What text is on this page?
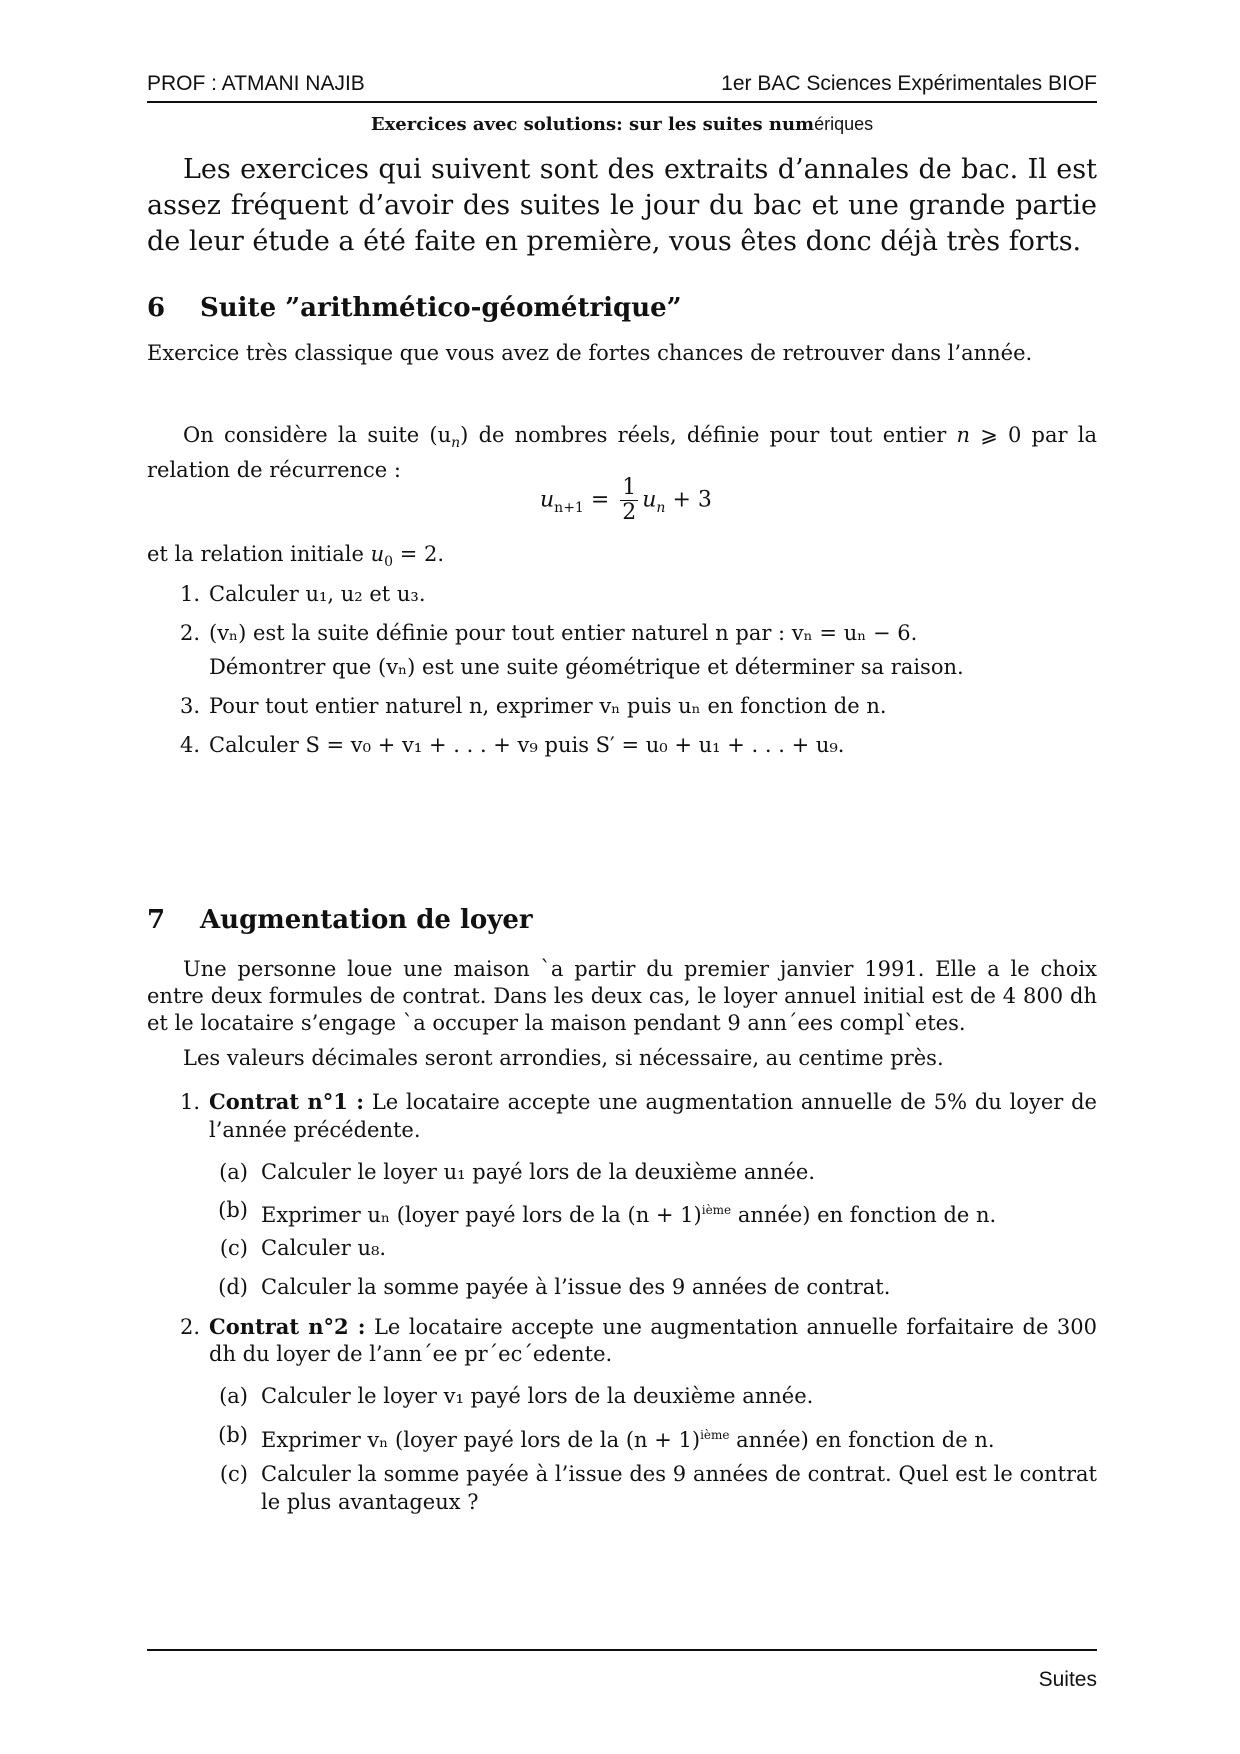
PROF : ATMANI NAJIB	1er BAC Sciences Expérimentales BIOF
Exercices avec solutions: sur les suites numériques

Les exercices qui suivent sont des extraits d’annales de bac. Il est assez fréquent d’avoir des suites le jour du bac et une grande partie de leur étude a été faite en première, vous êtes donc déjà très forts.

6 Suite ”arithmético-géométrique”

Exercice très classique que vous avez de fortes chances de retrouver dans l’année.

On considère la suite $(u_n)$ de nombres réels, définie pour tout entier n ⩾ 0 par la relation de récurrence :

$u_{n+1} = \frac{1}{2} u_n + 3$

et la relation initiale $u_0 = 2$.

1. Calculer u₁, u₂ et u₃.
2. (vₙ) est la suite définie pour tout entier naturel n par : vₙ = uₙ − 6.
Démontrer que (vₙ) est une suite géométrique et déterminer sa raison.
3. Pour tout entier naturel n, exprimer vₙ puis uₙ en fonction de n.
4. Calculer S = v₀ + v₁ + . . . + v₉ puis S′ = u₀ + u₁ + . . . + u₉.
7 Augmentation de loyer

Une personne loue une maison `a partir du premier janvier 1991. Elle a le choix entre deux formules de contrat. Dans les deux cas, le loyer annuel initial est de 4 800 dh et le locataire s’engage `a occuper la maison pendant 9 ann´ees compl`etes.

Les valeurs décimales seront arrondies, si nécessaire, au centime près.

1. Contrat n°1 : Le locataire accepte une augmentation annuelle de 5% du loyer de l’année précédente.
(a) Calculer le loyer u₁ payé lors de la deuxième année.
(b) Exprimer uₙ (loyer payé lors de la $(n + 1)^{ième}$ année) en fonction de n.
(c) Calculer u₈.
(d) Calculer la somme payée à l’issue des 9 années de contrat.
2. Contrat n°2 : Le locataire accepte une augmentation annuelle forfaitaire de 300 dh du loyer de l’ann´ee pr´ec´edente.
(a) Calculer le loyer v₁ payé lors de la deuxième année.
(b) Exprimer vₙ (loyer payé lors de la $(n + 1)^{ième}$ année) en fonction de n.
(c) Calculer la somme payée à l’issue des 9 années de contrat. Quel est le contrat le plus avantageux ?
Suites
